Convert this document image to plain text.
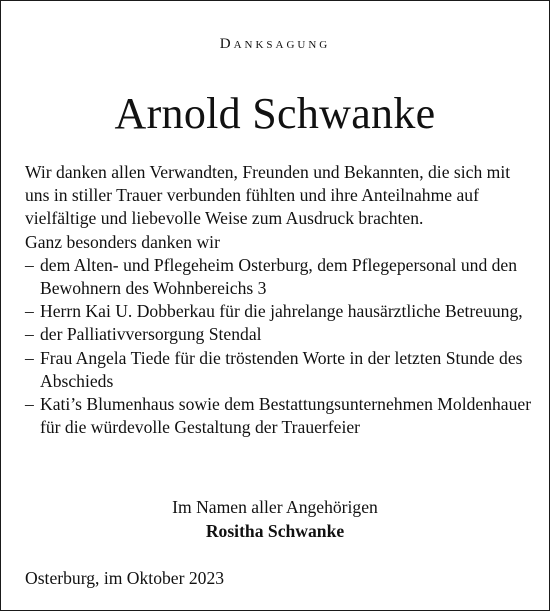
Danksagung
Arnold Schwanke

Wir danken allen Verwandten, Freunden und Bekannten, die sich mit uns in stiller Trauer verbunden fühlten und ihre Anteilnahme auf vielfältige und liebevolle Weise zum Ausdruck brachten.

Ganz besonders danken wir

– dem Alten- und Pflegeheim Osterburg, dem Pflegepersonal und den Bewohnern des Wohnbereichs 3
– Herrn Kai U. Dobberkau für die jahrelange hausärztliche Betreuung,
– der Palliativversorgung Stendal
– Frau Angela Tiede für die tröstenden Worte in der letzten Stunde des Abschieds
– Kati’s Blumenhaus sowie dem Bestattungsunternehmen Moldenhauer für die würdevolle Gestaltung der Trauerfeier
Im Namen aller Angehörigen
Rositha Schwanke
Osterburg, im Oktober 2023
